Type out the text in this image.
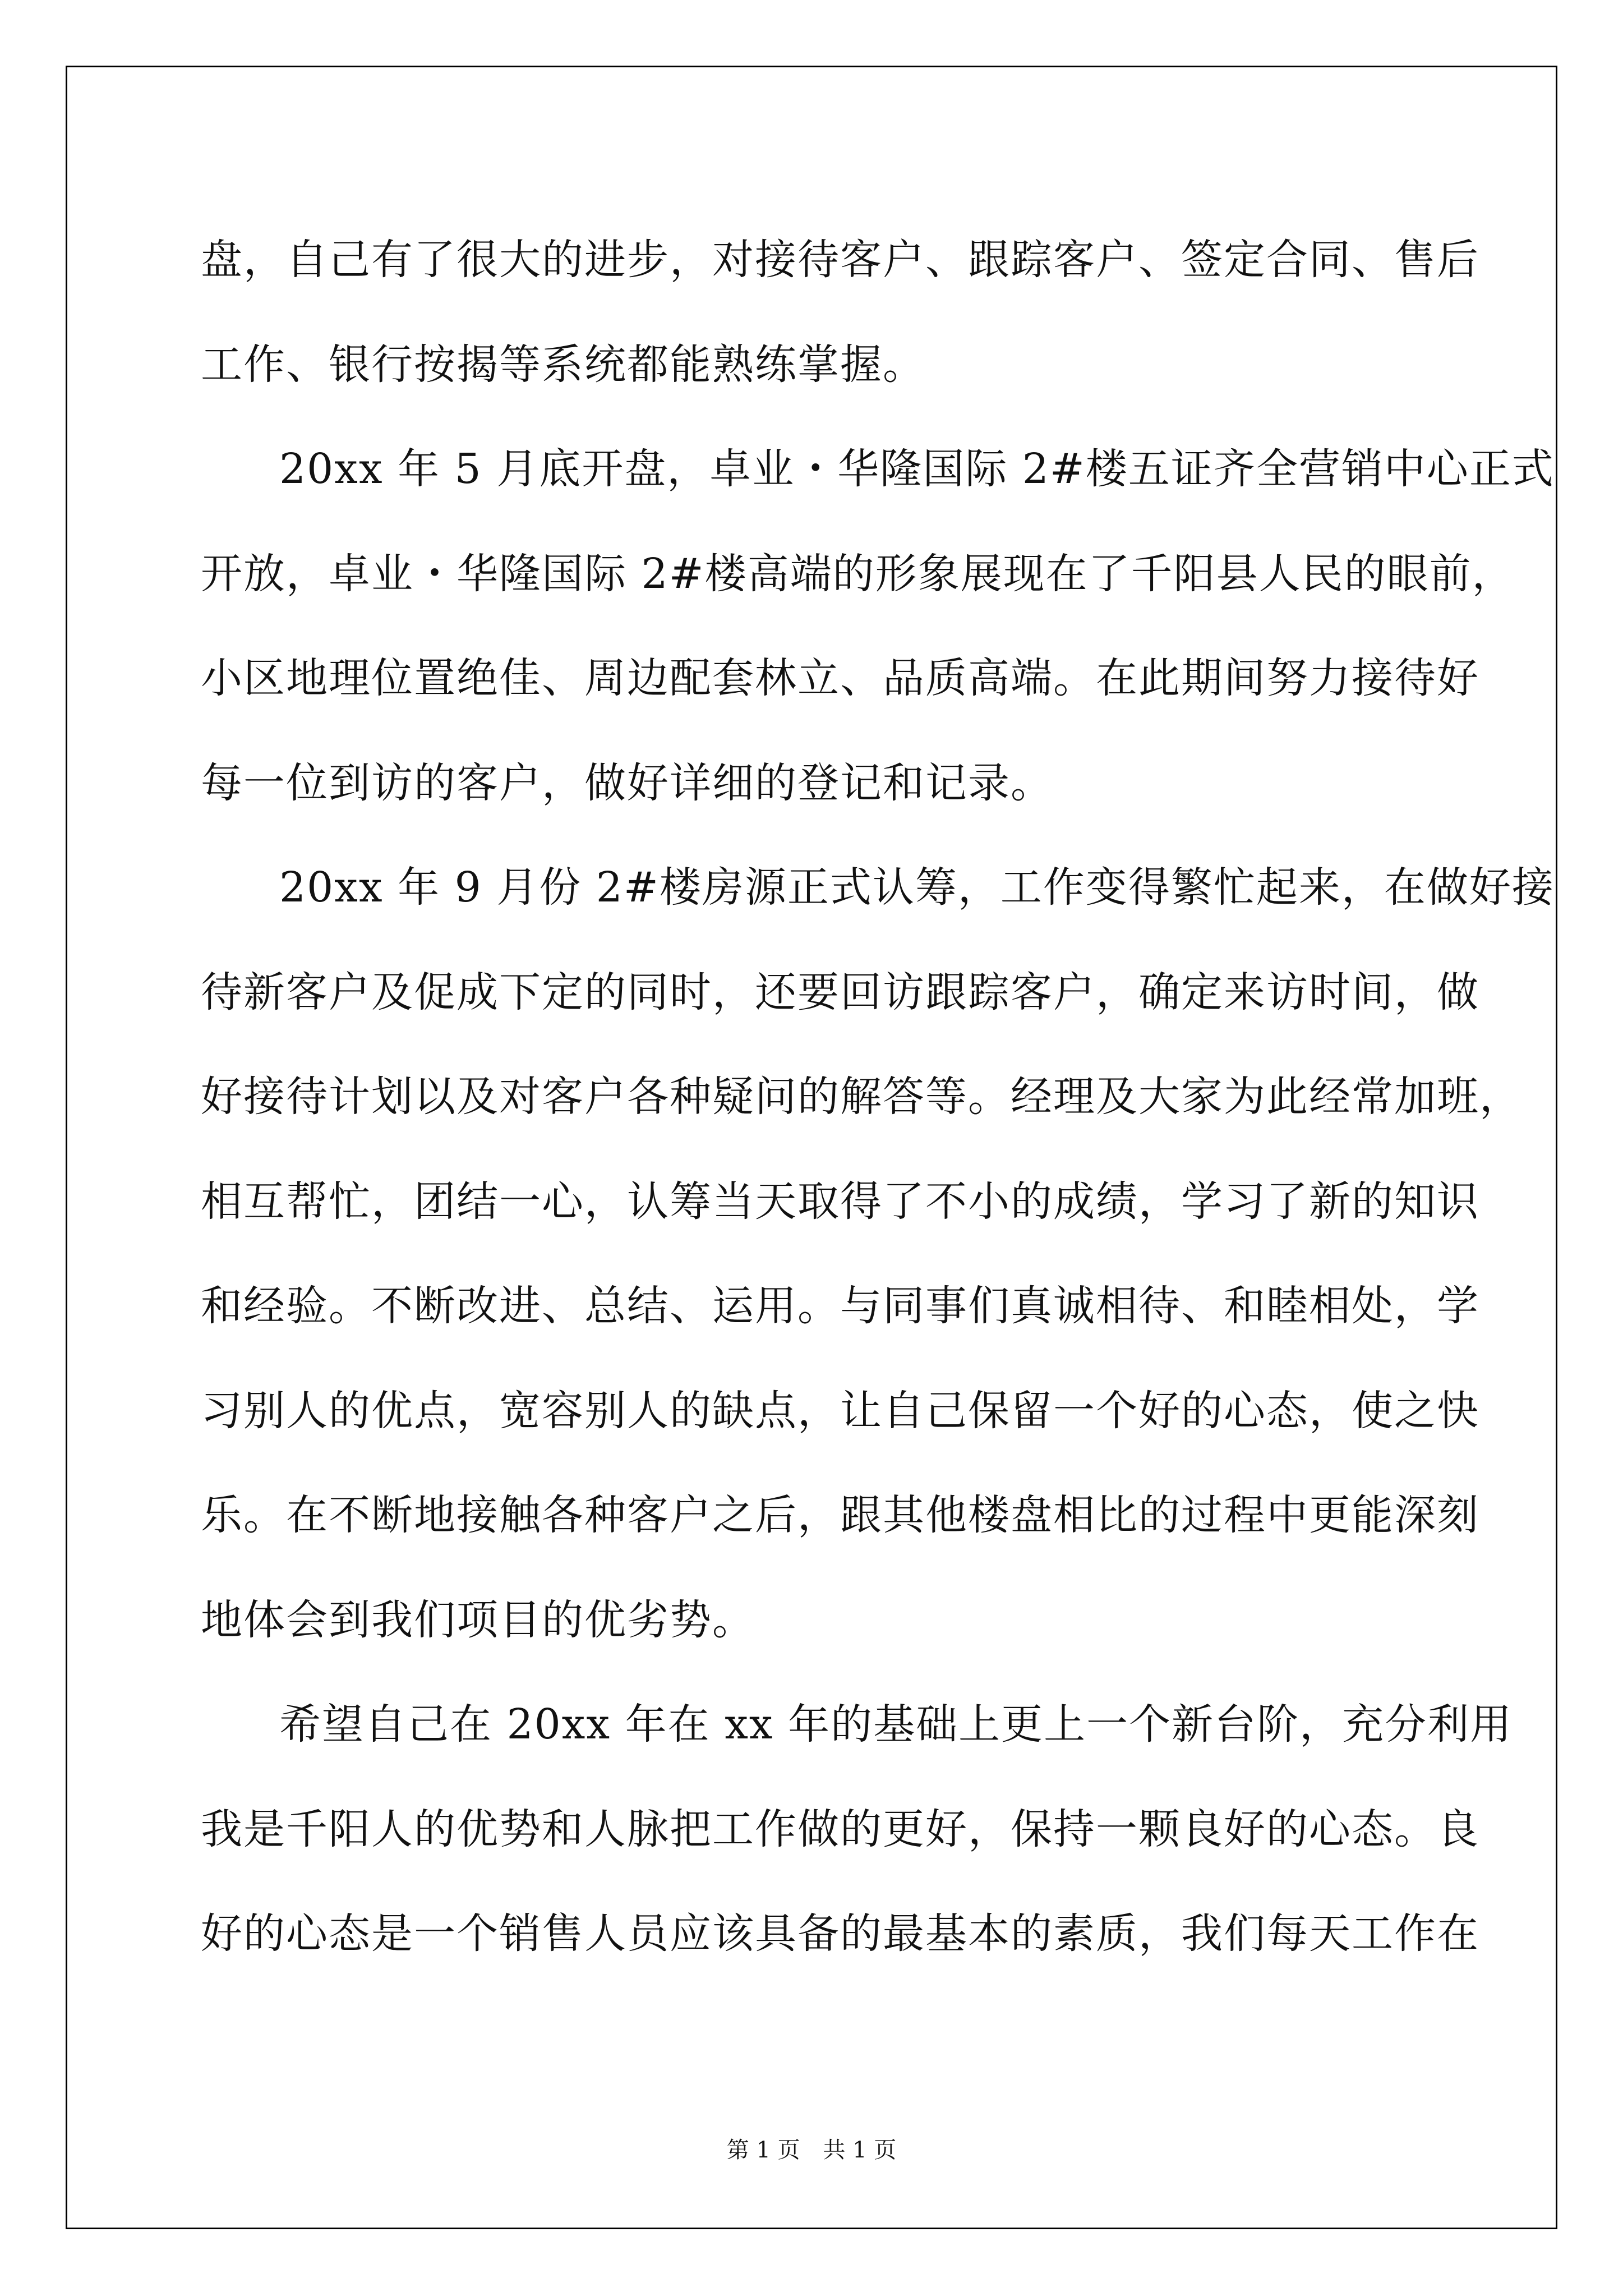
盘，自己有了很大的进步，对接待客户、跟踪客户、签定合同、售后
工作、银行按揭等系统都能熟练掌握。
20xx 年 5 月底开盘，卓业・华隆国际 2#楼五证齐全营销中心正式
开放，卓业・华隆国际 2#楼高端的形象展现在了千阳县人民的眼前，
小区地理位置绝佳、周边配套林立、品质高端。在此期间努力接待好
每一位到访的客户，做好详细的登记和记录。
20xx 年 9 月份 2#楼房源正式认筹，工作变得繁忙起来，在做好接
待新客户及促成下定的同时，还要回访跟踪客户，确定来访时间，做
好接待计划以及对客户各种疑问的解答等。经理及大家为此经常加班，
相互帮忙，团结一心，认筹当天取得了不小的成绩，学习了新的知识
和经验。不断改进、总结、运用。与同事们真诚相待、和睦相处，学
习别人的优点，宽容别人的缺点，让自己保留一个好的心态，使之快
乐。在不断地接触各种客户之后，跟其他楼盘相比的过程中更能深刻
地体会到我们项目的优劣势。
希望自己在 20xx 年在 xx 年的基础上更上一个新台阶，充分利用
我是千阳人的优势和人脉把工作做的更好，保持一颗良好的心态。良
好的心态是一个销售人员应该具备的最基本的素质，我们每天工作在
第 1 页 共 1 页
